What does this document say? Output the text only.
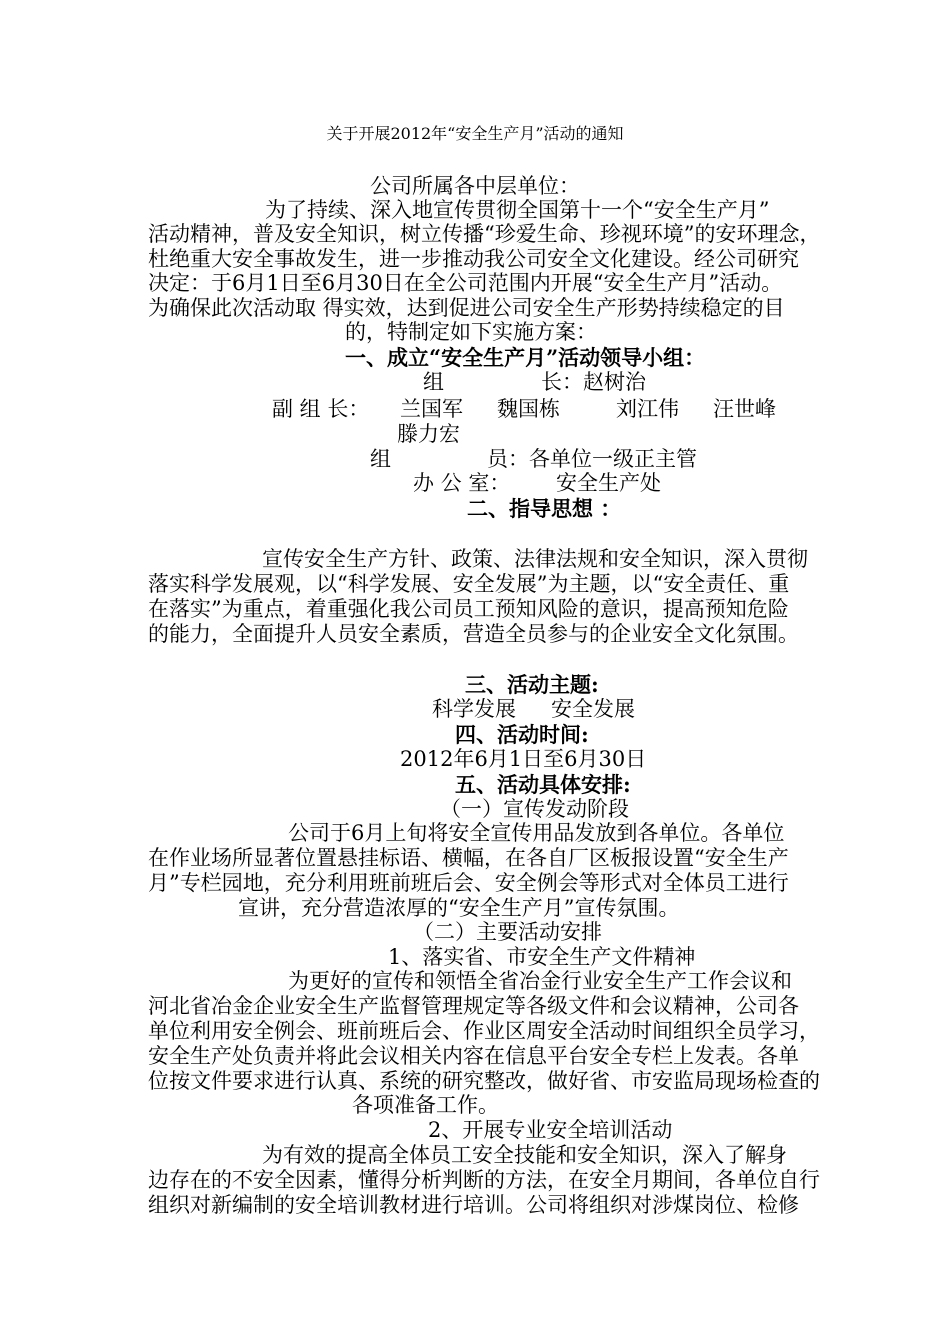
关于开展2012年“安全生产月”活动的通知
公司所属各中层单位：
为了持续、深入地宣传贯彻全国第十一个“安全生产月”
活动精神，普及安全知识，树立传播“珍爱生命、珍视环境”的安环理念，
杜绝重大安全事故发生，进一步推动我公司安全文化建设。经公司研究
决定：于6月1日至6月30日在全公司范围内开展“安全生产月”活动。
为确保此次活动取 得实效，达到促进公司安全生产形势持续稳定的目
的，特制定如下实施方案：
一、成立“安全生产月”活动领导小组：
组	长：赵树治
副 组 长： 兰国军 魏国栋	刘江伟 汪世峰
滕力宏
组	员：各单位一级正主管
办 公 室： 安全生产处
二、指导思想 ：
宣传安全生产方针、政策、法律法规和安全知识，深入贯彻
落实科学发展观，以“科学发展、安全发展”为主题，以“安全责任、重
在落实”为重点，着重强化我公司员工预知风险的意识，提高预知危险
的能力，全面提升人员安全素质，营造全员参与的企业安全文化氛围。
三、活动主题:
科学发展 安全发展
四、活动时间:
2012年6月1日至6月30日
五、活动具体安排:
（一）宣传发动阶段
公司于6月上旬将安全宣传用品发放到各单位。各单位
在作业场所显著位置悬挂标语、横幅，在各自厂区板报设置“安全生产
月”专栏园地，充分利用班前班后会、安全例会等形式对全体员工进行
宣讲，充分营造浓厚的“安全生产月”宣传氛围。
（二）主要活动安排
1、落实省、市安全生产文件精神
为更好的宣传和领悟全省冶金行业安全生产工作会议和
河北省冶金企业安全生产监督管理规定等各级文件和会议精神，公司各
单位利用安全例会、班前班后会、作业区周安全活动时间组织全员学习，
安全生产处负责并将此会议相关内容在信息平台安全专栏上发表。各单
位按文件要求进行认真、系统的研究整改，做好省、市安监局现场检查的
各项准备工作。
2、开展专业安全培训活动
为有效的提高全体员工安全技能和安全知识，深入了解身
边存在的不安全因素，懂得分析判断的方法，在安全月期间，各单位自行
组织对新编制的安全培训教材进行培训。公司将组织对涉煤岗位、检修
